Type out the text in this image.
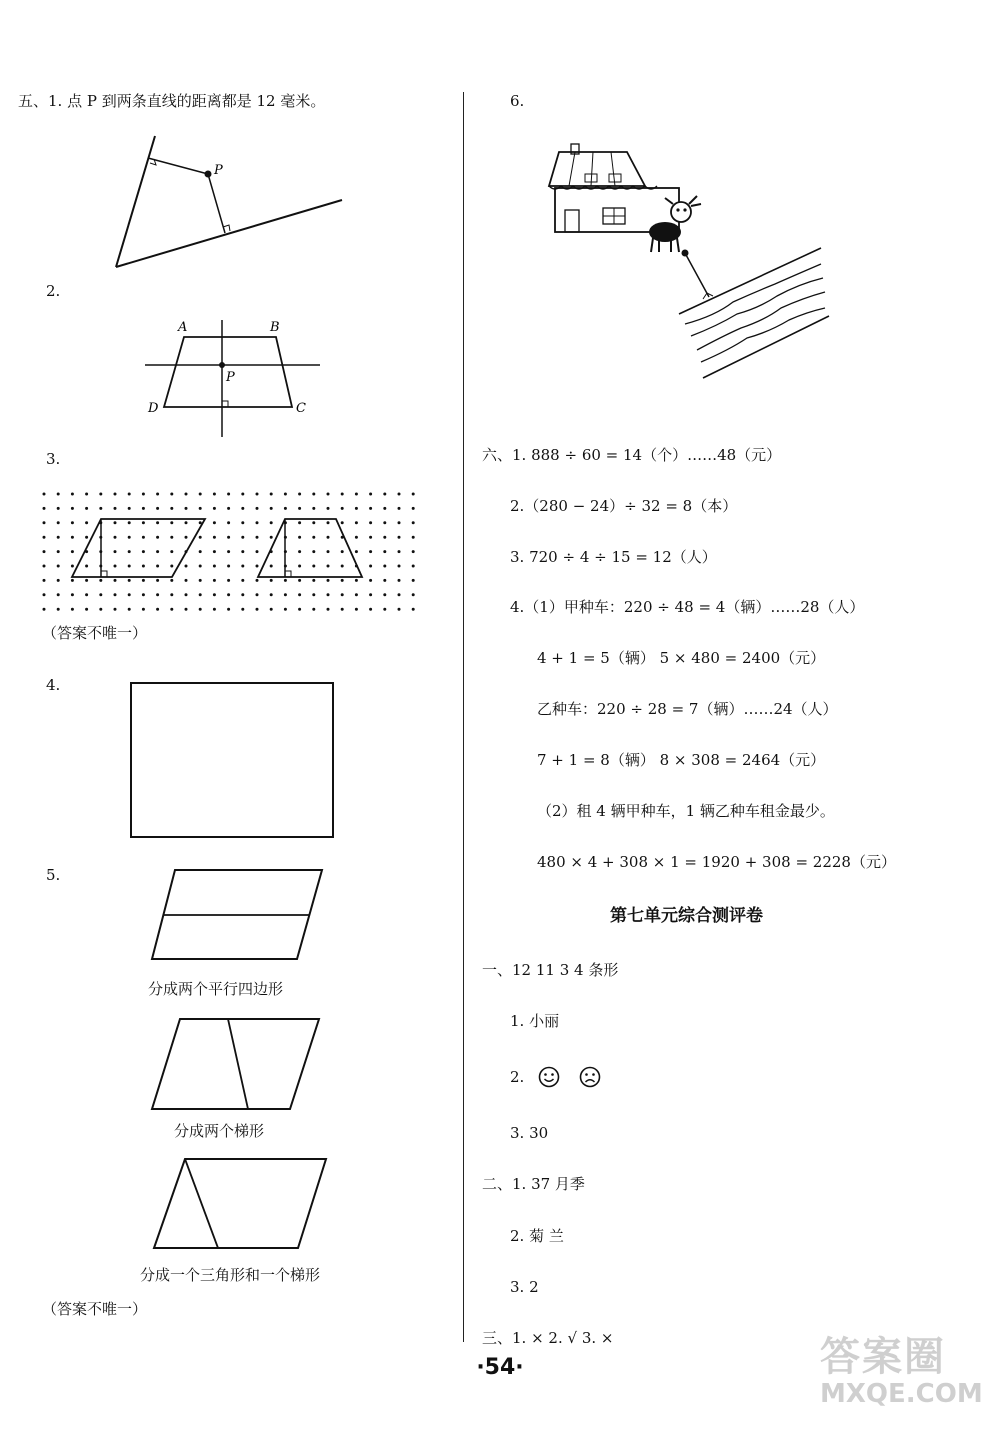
五、1. 点 P 到两条直线的距离都是 12 毫米。
P
2.
A	B
C
D
P
3.
（答案不唯一）
4.
5.
分成两个平行四边形
分成两个梯形
分成一个三角形和一个梯形
（答案不唯一）
6.
六、1. 888 ÷ 60 = 14（个）……48（元）
2.（280 − 24）÷ 32 = 8（本）
3. 720 ÷ 4 ÷ 15 = 12（人）
4.（1）甲种车：220 ÷ 48 = 4（辆）……28（人）
4 + 1 = 5（辆） 5 × 480 = 2400（元）
乙种车：220 ÷ 28 = 7（辆）……24（人）
7 + 1 = 8（辆） 8 × 308 = 2464（元）
（2）租 4 辆甲种车，1 辆乙种车租金最少。
480 × 4 + 308 × 1 = 1920 + 308 = 2228（元）
第七单元综合测评卷
一、12 11 3 4 条形
1. 小丽
2.
3. 30
二、1. 37 月季
2. 菊 兰
3. 2
三、1. × 2. √ 3. ×
·54·	答案圈
MXQE.COM
